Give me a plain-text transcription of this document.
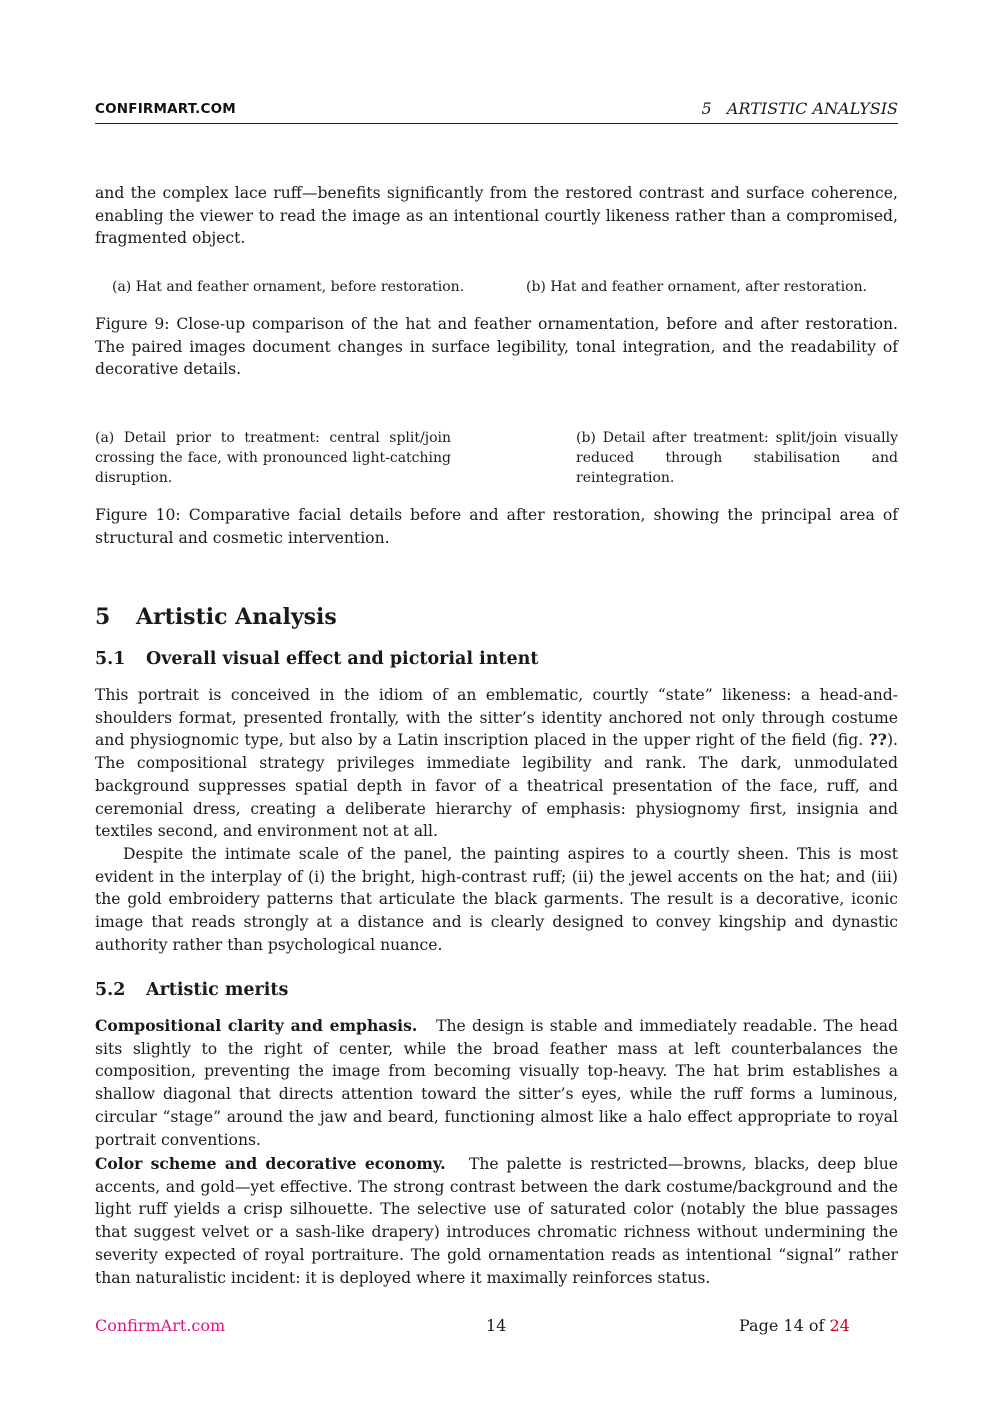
CONFIRMART.COM	5 ARTISTIC ANALYSIS

and the complex lace ruff—benefits significantly from the restored contrast and surface coherence, enabling the viewer to read the image as an intentional courtly likeness rather than a compromised, fragmented object.

(a) Hat and feather ornament, before restoration.	(b) Hat and feather ornament, after restoration.

Figure 9: Close-up comparison of the hat and feather ornamentation, before and after restoration. The paired images document changes in surface legibility, tonal integration, and the readability of decorative details.

(a) Detail prior to treatment: central split/join crossing the face, with pronounced light-catching disruption.
(b) Detail after treatment: split/join visually reduced through stabilisation and reintegration.

Figure 10: Comparative facial details before and after restoration, showing the principal area of structural and cosmetic intervention.

5 Artistic Analysis
5.1 Overall visual effect and pictorial intent

This portrait is conceived in the idiom of an emblematic, courtly “state” likeness: a head-and-shoulders format, presented frontally, with the sitter’s identity anchored not only through costume and physiognomic type, but also by a Latin inscription placed in the upper right of the field (fig. ??). The compositional strategy privileges immediate legibility and rank. The dark, unmodulated background suppresses spatial depth in favor of a theatrical presentation of the face, ruff, and ceremonial dress, creating a deliberate hierarchy of emphasis: physiognomy first, insignia and textiles second, and environment not at all.

Despite the intimate scale of the panel, the painting aspires to a courtly sheen. This is most evident in the interplay of (i) the bright, high-contrast ruff; (ii) the jewel accents on the hat; and (iii) the gold embroidery patterns that articulate the black garments. The result is a decorative, iconic image that reads strongly at a distance and is clearly designed to convey kingship and dynastic authority rather than psychological nuance.

5.2 Artistic merits

Compositional clarity and emphasis. The design is stable and immediately readable. The head sits slightly to the right of center, while the broad feather mass at left counterbalances the composition, preventing the image from becoming visually top-heavy. The hat brim establishes a shallow diagonal that directs attention toward the sitter’s eyes, while the ruff forms a luminous, circular “stage” around the jaw and beard, functioning almost like a halo effect appropriate to royal portrait conventions.

Color scheme and decorative economy. The palette is restricted—browns, blacks, deep blue accents, and gold—yet effective. The strong contrast between the dark costume/background and the light ruff yields a crisp silhouette. The selective use of saturated color (notably the blue passages that suggest velvet or a sash-like drapery) introduces chromatic richness without undermining the severity expected of royal portraiture. The gold ornamentation reads as intentional “signal” rather than naturalistic incident: it is deployed where it maximally reinforces status.

ConfirmArt.com	14	Page 14 of 24
